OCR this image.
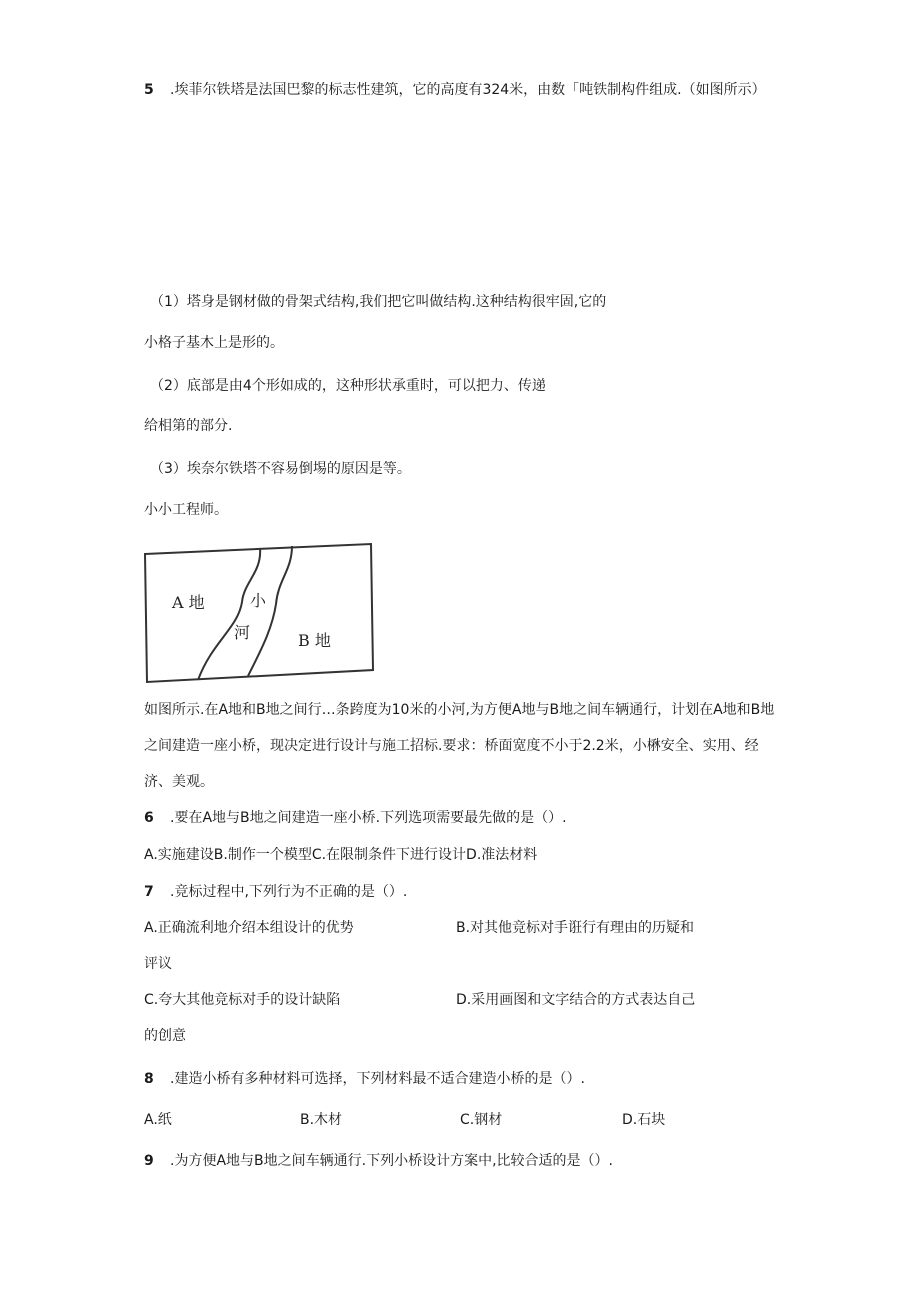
5 .埃菲尔铁塔是法国巴黎的标志性建筑，它的高度有324米，由数「吨铁制构件组成.（如图所示）
（1）塔身是钢材做的骨架式结构,我们把它叫做结构.这种结构很牢固,它的
小格子基木上是形的。
（2）底部是由4个形如成的，这种形状承重时，可以把力、传递
给相第的部分.
（3）埃奈尔铁塔不容易倒埸的原因是等。
小小工程师。
A 地	小
河	B 地
如图所示.在A地和B地之间行…条跨度为10米的小河,为方便A地与B地之间车辆通行，计划在A地和B地
之间建造一座小桥，现决定进行设计与施工招标.要求：桥面宽度不小于2.2米，小楙安全、实用、经
济、美观。
6 .要在A地与B地之间建造一座小桥.下列选项需要最先做的是（）.
A.实施建设B.制作一个模型C.在限制条件下进行设计D.准法材料
7 .竞标过程中,下列行为不正确的是（）.
A.正确流利地介绍本组设计的优势	B.对其他竞标对手诳行有理由的历疑和
评议
C.夸大其他竞标对手的设计缺陷	D.采用画图和文字结合的方式表达自己
的创意
8 .建造小桥有多种材料可选择，下列材料最不适合建造小桥的是（）.
A.纸	B.木材	C.钢材	D.石块
9 .为方便A地与B地之间车辆通行.下列小桥设计方案中,比较合适的是（）.
